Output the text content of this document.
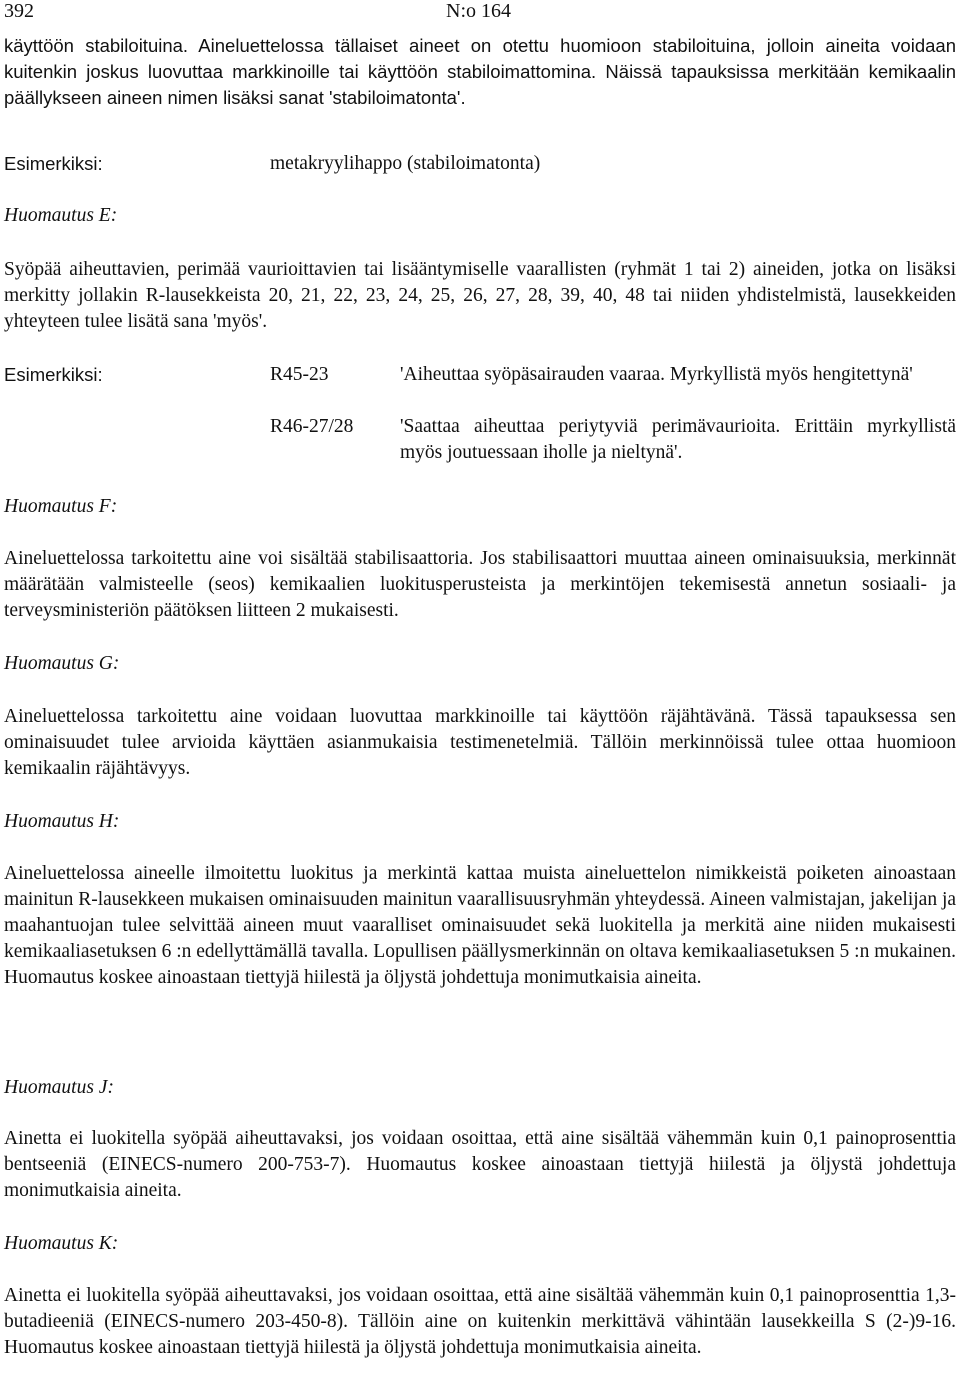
392	N:o 164
käyttöön stabiloituina. Aineluettelossa tällaiset aineet on otettu huomioon stabiloituina, jolloin aineita voidaan kuitenkin joskus luovuttaa markkinoille tai käyttöön stabiloimattomina. Näissä tapauksissa merkitään kemikaalin päällykseen aineen nimen lisäksi sanat 'stabiloimatonta'.
Esimerkiksi:	metakryylihappo (stabiloimatonta)
Huomautus E:
Syöpää aiheuttavien, perimää vaurioittavien tai lisääntymiselle vaarallisten (ryhmät 1 tai 2) aineiden, jotka on lisäksi merkitty jollakin R-lausekkeista 20, 21, 22, 23, 24, 25, 26, 27, 28, 39, 40, 48 tai niiden yhdistelmistä, lausekkeiden yhteyteen tulee lisätä sana 'myös'.
Esimerkiksi:	R45-23	'Aiheuttaa syöpäsairauden vaaraa. Myrkyllistä myös hengitettynä'
R46-27/28 'Saattaa aiheuttaa periytyviä perimävaurioita. Erittäin myrkyllistä myös joutuessaan iholle ja nieltynä'.
Huomautus F:
Aineluettelossa tarkoitettu aine voi sisältää stabilisaattoria. Jos stabilisaattori muuttaa aineen ominaisuuksia, merkinnät määrätään valmisteelle (seos) kemikaalien luokitusperusteista ja merkintöjen tekemisestä annetun sosiaali- ja terveysministeriön päätöksen liitteen 2 mukaisesti.
Huomautus G:
Aineluettelossa tarkoitettu aine voidaan luovuttaa markkinoille tai käyttöön räjähtävänä. Tässä tapauksessa sen ominaisuudet tulee arvioida käyttäen asianmukaisia testimenetelmiä. Tällöin merkinnöissä tulee ottaa huomioon kemikaalin räjähtävyys.
Huomautus H:
Aineluettelossa aineelle ilmoitettu luokitus ja merkintä kattaa muista aineluettelon nimikkeistä poiketen ainoastaan mainitun R-lausekkeen mukaisen ominaisuuden mainitun vaarallisuusryhmän yhteydessä. Aineen valmistajan, jakelijan ja maahantuojan tulee selvittää aineen muut vaaralliset ominaisuudet sekä luokitella ja merkitä aine niiden mukaisesti kemikaaliasetuksen 6 :n edellyttämällä tavalla. Lopullisen päällysmerkinnän on oltava kemikaaliasetuksen 5 :n mukainen. Huomautus koskee ainoastaan tiettyjä hiilestä ja öljystä johdettuja monimutkaisia aineita.
Huomautus J:
Ainetta ei luokitella syöpää aiheuttavaksi, jos voidaan osoittaa, että aine sisältää vähemmän kuin 0,1 painoprosenttia bentseeniä (EINECS-numero 200-753-7). Huomautus koskee ainoastaan tiettyjä hiilestä ja öljystä johdettuja monimutkaisia aineita.
Huomautus K:
Ainetta ei luokitella syöpää aiheuttavaksi, jos voidaan osoittaa, että aine sisältää vähemmän kuin 0,1 painoprosenttia 1,3-butadieeniä (EINECS-numero 203-450-8). Tällöin aine on kuitenkin merkittävä vähintään lausekkeilla S (2-)9-16. Huomautus koskee ainoastaan tiettyjä hiilestä ja öljystä johdettuja monimutkaisia aineita.
